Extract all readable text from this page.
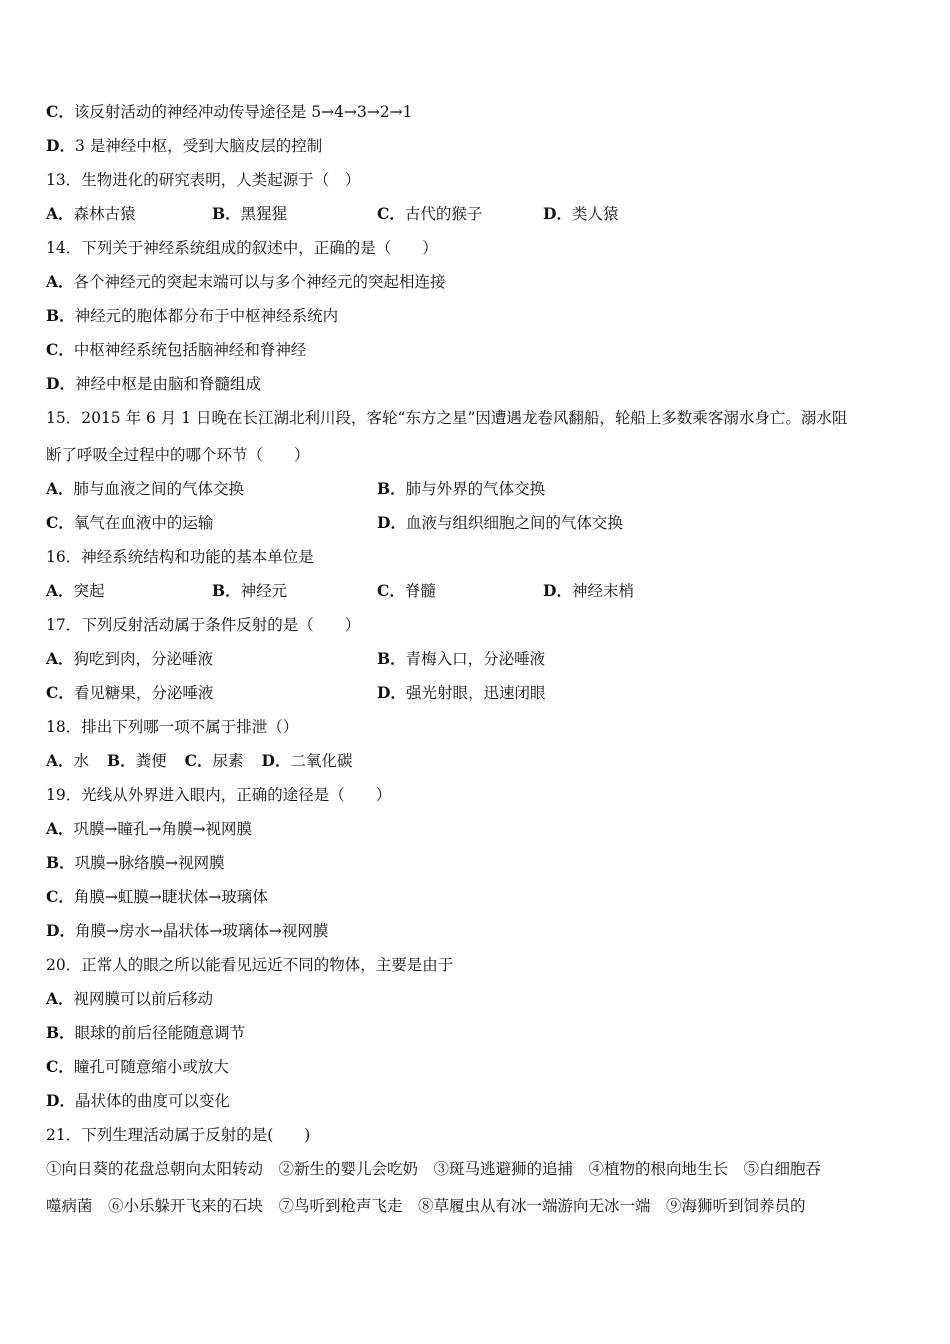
C．该反射活动的神经冲动传导途径是 5→4→3→2→1
D．3 是神经中枢，受到大脑皮层的控制
13．生物进化的研究表明，人类起源于（　）
A．森林古猿	B．黑猩猩	C．古代的猴子	D．类人猿
14．下列关于神经系统组成的叙述中，正确的是（　　）
A．各个神经元的突起末端可以与多个神经元的突起相连接
B．神经元的胞体都分布于中枢神经系统内
C．中枢神经系统包括脑神经和脊神经
D．神经中枢是由脑和脊髓组成
15．2015 年 6 月 1 日晚在长江湖北利川段，客轮“东方之星”因遭遇龙卷风翻船，轮船上多数乘客溺水身亡。溺水阻
断了呼吸全过程中的哪个环节（　　）
A．肺与血液之间的气体交换	B．肺与外界的气体交换
C．氧气在血液中的运输	D．血液与组织细胞之间的气体交换
16．神经系统结构和功能的基本单位是
A．突起	B．神经元	C．脊髓	D．神经末梢
17．下列反射活动属于条件反射的是（　　）
A．狗吃到肉，分泌唾液	B．青梅入口，分泌唾液
C．看见糖果，分泌唾液	D．强光射眼，迅速闭眼
18．排出下列哪一项不属于排泄（）
A．水 B．粪便 C．尿素 D．二氧化碳
19．光线从外界进入眼内，正确的途径是（　　）
A．巩膜→瞳孔→角膜→视网膜
B．巩膜→脉络膜→视网膜
C．角膜→虹膜→睫状体→玻璃体
D．角膜→房水→晶状体→玻璃体→视网膜
20．正常人的眼之所以能看见远近不同的物体，主要是由于
A．视网膜可以前后移动
B．眼球的前后径能随意调节
C．瞳孔可随意缩小或放大
D．晶状体的曲度可以变化
21．下列生理活动属于反射的是(　　)
①向日葵的花盘总朝向太阳转动　②新生的婴儿会吃奶　③斑马逃避狮的追捕　④植物的根向地生长　⑤白细胞吞
噬病菌　⑥小乐躲开飞来的石块　⑦鸟听到枪声飞走　⑧草履虫从有冰一端游向无冰一端　⑨海狮听到饲养员的
